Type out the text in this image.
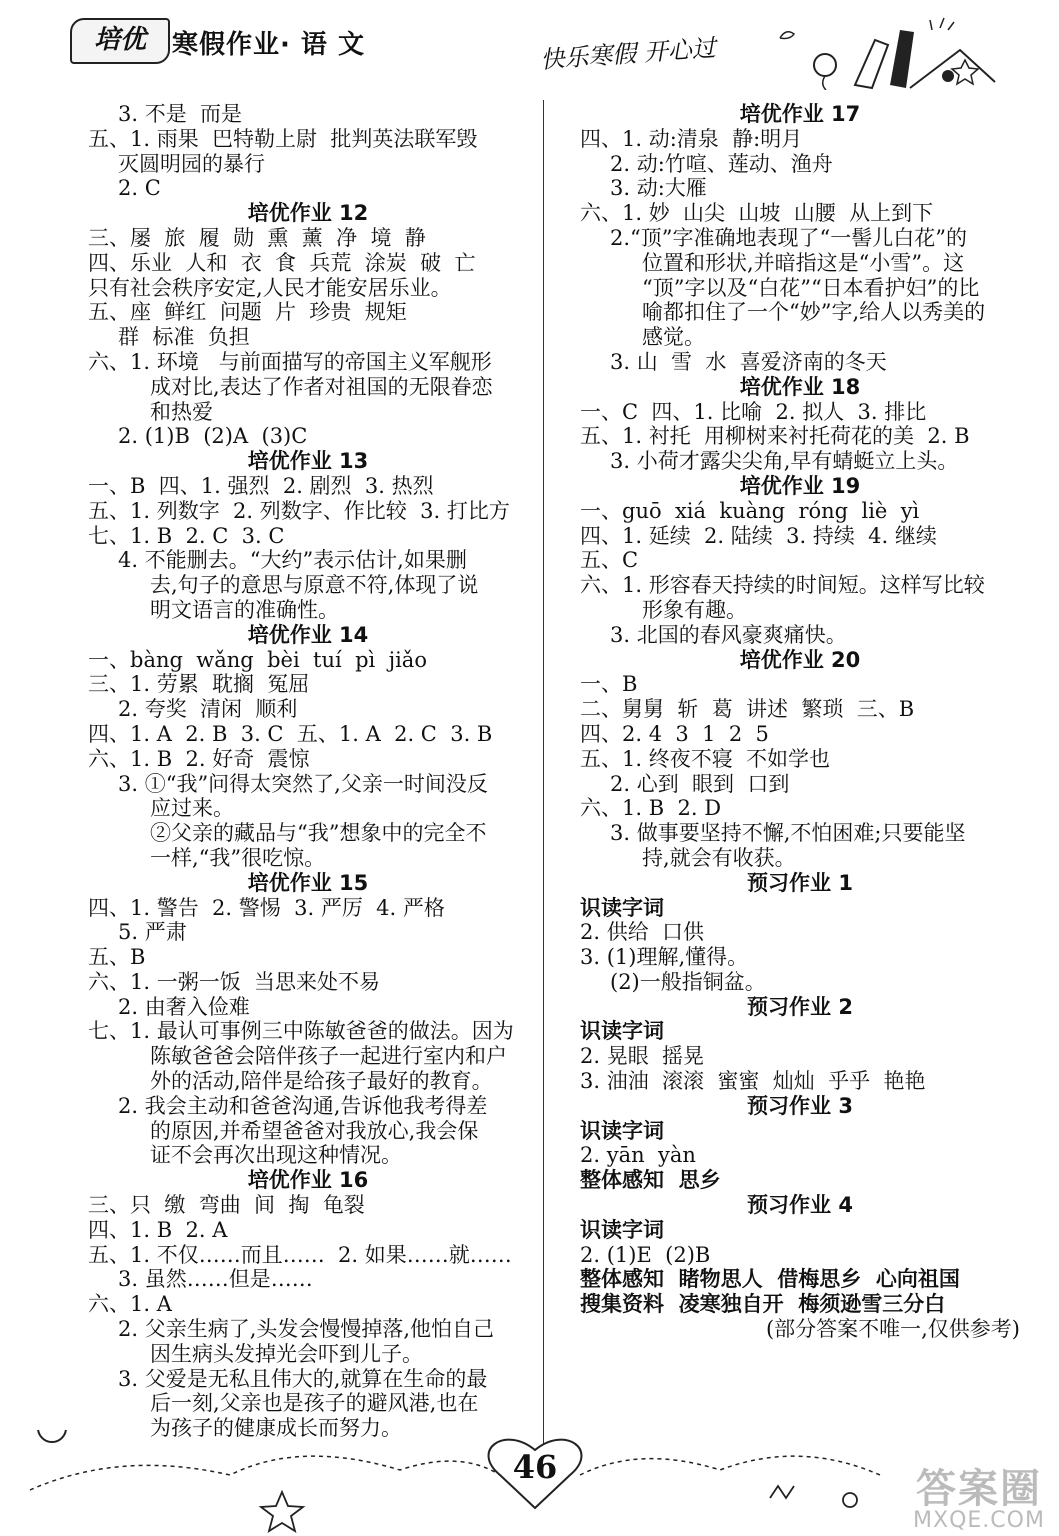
培优	寒假作业· 语 文	快乐寒假 开心过
3. 不是  而是
五、1. 雨果  巴特勒上尉  批判英法联军毁
灭圆明园的暴行
2. C
培优作业 12
三、屡  旅  履  勋  熏  薰  净  境  静
四、乐业  人和  衣  食  兵荒  涂炭  破  亡
只有社会秩序安定,人民才能安居乐业。
五、座  鲜红  问题  片  珍贵  规矩
群  标准  负担
六、1. 环境   与前面描写的帝国主义军舰形
成对比,表达了作者对祖国的无限眷恋
和热爱
2. (1)B  (2)A  (3)C
培优作业 13
一、B  四、1. 强烈  2. 剧烈  3. 热烈
五、1. 列数字  2. 列数字、作比较  3. 打比方
七、1. B  2. C  3. C
4. 不能删去。“大约”表示估计,如果删
去,句子的意思与原意不符,体现了说
明文语言的准确性。
培优作业 14
一、bàng  wǎng  bèi  tuí  pì  jiǎo
三、1. 劳累  耽搁  冤屈
2. 夸奖  清闲  顺利
四、1. A  2. B  3. C  五、1. A  2. C  3. B
六、1. B  2. 好奇  震惊
3. ①“我”问得太突然了,父亲一时间没反
应过来。
②父亲的藏品与“我”想象中的完全不
一样,“我”很吃惊。
培优作业 15
四、1. 警告  2. 警惕  3. 严厉  4. 严格
5. 严肃
五、B
六、1. 一粥一饭  当思来处不易
2. 由奢入俭难
七、1. 最认可事例三中陈敏爸爸的做法。因为
陈敏爸爸会陪伴孩子一起进行室内和户
外的活动,陪伴是给孩子最好的教育。
2. 我会主动和爸爸沟通,告诉他我考得差
的原因,并希望爸爸对我放心,我会保
证不会再次出现这种情况。
培优作业 16
三、只  缴  弯曲  间  掏  龟裂
四、1. B  2. A
五、1. 不仅……而且……  2. 如果……就……
3. 虽然……但是……
六、1. A
2. 父亲生病了,头发会慢慢掉落,他怕自己
因生病头发掉光会吓到儿子。
3. 父爱是无私且伟大的,就算在生命的最
后一刻,父亲也是孩子的避风港,也在
为孩子的健康成长而努力。
培优作业 17
四、1. 动:清泉  静:明月
2. 动:竹喧、莲动、渔舟
3. 动:大雁
六、1. 妙  山尖  山坡  山腰  从上到下
2.“顶”字准确地表现了“一髻儿白花”的
位置和形状,并暗指这是“小雪”。这
“顶”字以及“白花”“日本看护妇”的比
喻都扣住了一个“妙”字,给人以秀美的
感觉。
3. 山  雪  水  喜爱济南的冬天
培优作业 18
一、C  四、1. 比喻  2. 拟人  3. 排比
五、1. 衬托  用柳树来衬托荷花的美  2. B
3. 小荷才露尖尖角,早有蜻蜓立上头。
培优作业 19
一、guō  xiá  kuàng  róng  liè  yì
四、1. 延续  2. 陆续  3. 持续  4. 继续
五、C
六、1. 形容春天持续的时间短。这样写比较
形象有趣。
3. 北国的春风豪爽痛快。
培优作业 20
一、B
二、舅舅  斩  葛  讲述  繁琐  三、B
四、2. 4  3  1  2  5
五、1. 终夜不寝  不如学也
2. 心到  眼到  口到
六、1. B  2. D
3. 做事要坚持不懈,不怕困难;只要能坚
持,就会有收获。
预习作业 1
识读字词
2. 供给  口供
3. (1)理解,懂得。
(2)一般指铜盆。
预习作业 2
识读字词
2. 晃眼  摇晃
3. 油油  滚滚  蜜蜜  灿灿  乎乎  艳艳
预习作业 3
识读字词
2. yān  yàn
整体感知  思乡
预习作业 4
识读字词
2. (1)E  (2)B
整体感知  睹物思人  借梅思乡  心向祖国
搜集资料  凌寒独自开  梅须逊雪三分白
(部分答案不唯一,仅供参考)
46	答案圈
MXQE.COM
